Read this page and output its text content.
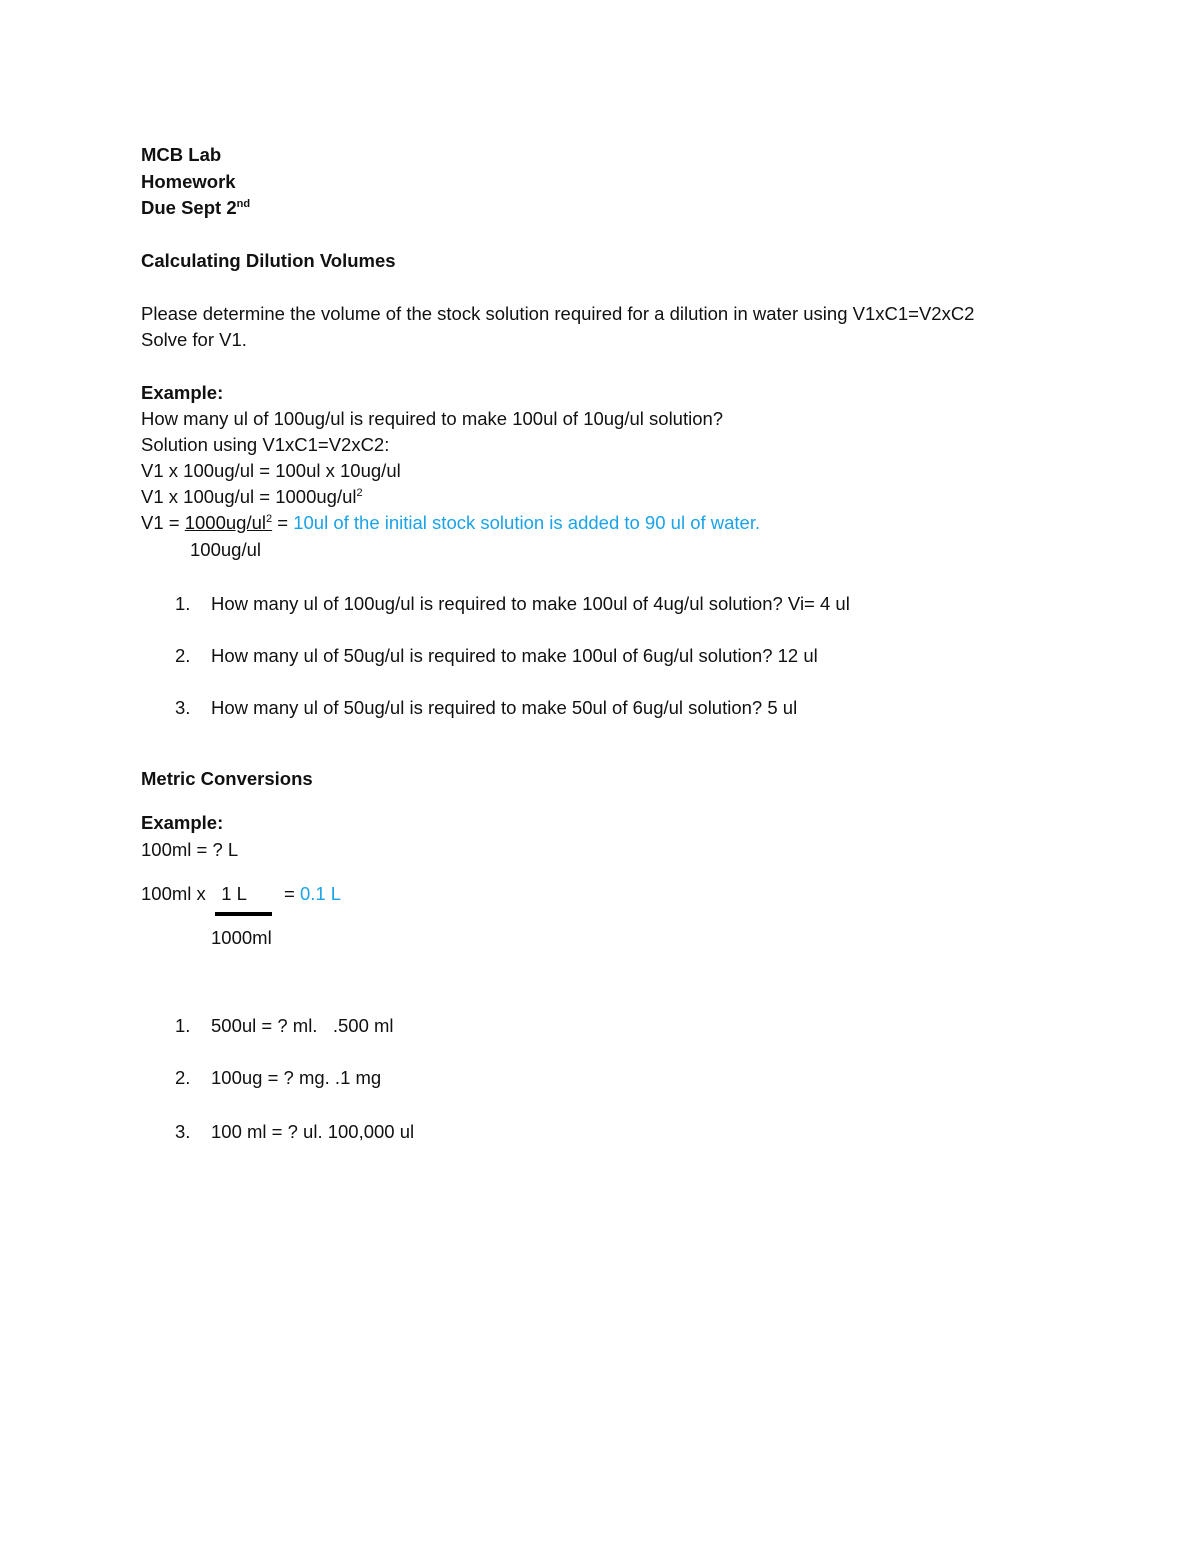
MCB Lab
Homework
Due Sept 2nd
Calculating Dilution Volumes
Please determine the volume of the stock solution required for a dilution in water using V1xC1=V2xC2
Solve for V1.
Example:
How many ul of 100ug/ul is required to make 100ul of 10ug/ul solution?
Solution using V1xC1=V2xC2:
V1 x 100ug/ul = 100ul x 10ug/ul
V1 x $100ug/ul = 1000ug/ul^2$
$V1 = 1000ug/ul^2 = 10ul$ of the initial stock solution is added to 90 ul of water.
100ug/ul
1. How many ul of 100ug/ul is required to make 100ul of 4ug/ul solution? Vi= 4 ul
2. How many ul of 50ug/ul is required to make 100ul of 6ug/ul solution? 12 ul
3. How many ul of 50ug/ul is required to make 50ul of 6ug/ul solution? 5 ul
Metric Conversions
Example:
100ml = ? L
100ml x   1 L = 0.1 L
1000ml
1. 500ul = ? ml.   .500 ml
2. 100ug = ? mg. .1 mg
3. 100 ml = ? ul. 100,000 ul
